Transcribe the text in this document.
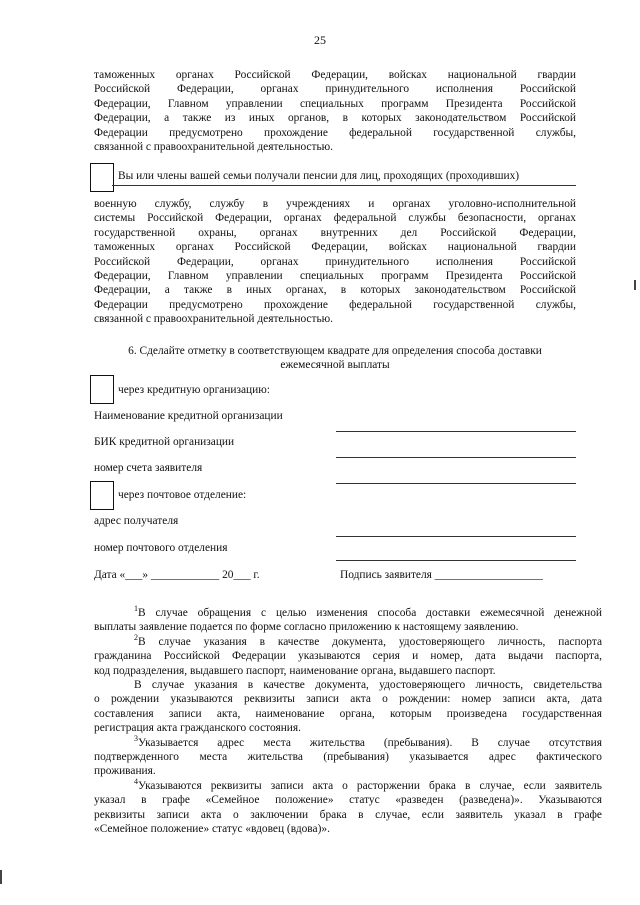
25
таможенных органах Российской Федерации, войсках национальной гвардии
Российской Федерации, органах принудительного исполнения Российской
Федерации, Главном управлении специальных программ Президента Российской
Федерации, а также из иных органов, в которых законодательством Российской
Федерации предусмотрено прохождение федеральной государственной службы,
связанной с правоохранительной деятельностью.
Вы или члены вашей семьи получали пенсии для лиц, проходящих (проходивших)
военную службу, службу в учреждениях и органах уголовно-исполнительной
системы Российской Федерации, органах федеральной службы безопасности, органах
государственной охраны, органах внутренних дел Российской Федерации,
таможенных органах Российской Федерации, войсках национальной гвардии
Российской Федерации, органах принудительного исполнения Российской
Федерации, Главном управлении специальных программ Президента Российской
Федерации, а также в иных органах, в которых законодательством Российской
Федерации предусмотрено прохождение федеральной государственной службы,
связанной с правоохранительной деятельностью.
6. Сделайте отметку в соответствующем квадрате для определения способа доставки
ежемесячной выплаты
через кредитную организацию:
Наименование кредитной организации
БИК кредитной организации
номер счета заявителя
через почтовое отделение:
адрес получателя
номер почтового отделения
Дата «___» ____________ 20___ г.	Подпись заявителя ___________________
$^1$В случае обращения с целью изменения способа доставки ежемесячной денежной
выплаты заявление подается по форме согласно приложению к настоящему заявлению.
$^2$В случае указания в качестве документа, удостоверяющего личность, паспорта
гражданина Российской Федерации указываются серия и номер, дата выдачи паспорта,
код подразделения, выдавшего паспорт, наименование органа, выдавшего паспорт.
В случае указания в качестве документа, удостоверяющего личность, свидетельства
о рождении указываются реквизиты записи акта о рождении: номер записи акта, дата
составления записи акта, наименование органа, которым произведена государственная
регистрация акта гражданского состояния.
$^3$Указывается адрес места жительства (пребывания). В случае отсутствия
подтвержденного места жительства (пребывания) указывается адрес фактического
проживания.
$^4$Указываются реквизиты записи акта о расторжении брака в случае, если заявитель
указал в графе «Семейное положение» статус «разведен (разведена)». Указываются
реквизиты записи акта о заключении брака в случае, если заявитель указал в графе
«Семейное положение» статус «вдовец (вдова)».
